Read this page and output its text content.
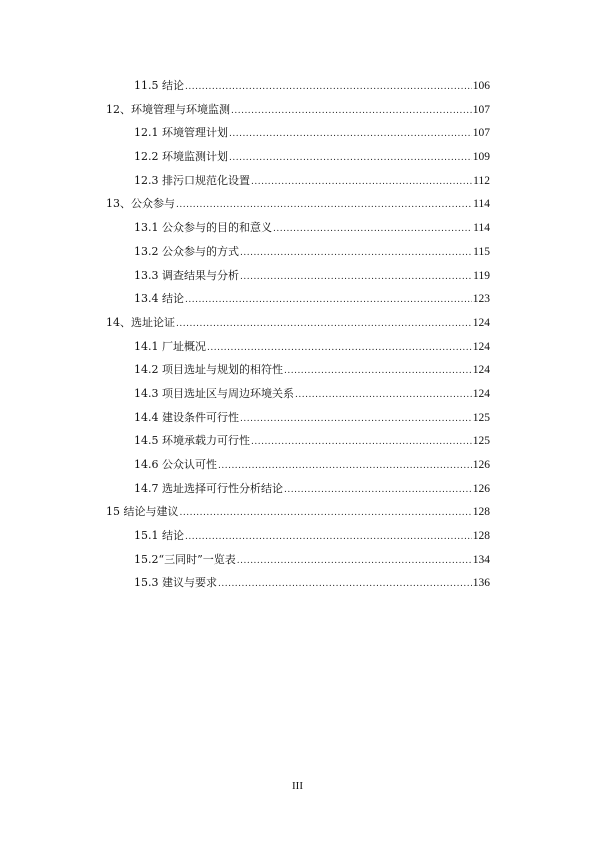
11.5 结论 .....	106
12、环境管理与环境监测 .....	107
12.1 环境管理计划 .....	107
12.2 环境监测计划 .....	109
12.3 排污口规范化设置 .....	112
13、公众参与 .....	114
13.1 公众参与的目的和意义 .....	114
13.2 公众参与的方式 .....	115
13.3 调查结果与分析 .....	119
13.4 结论 .....	123
14、选址论证 .....	124
14.1 厂址概况 .....	124
14.2 项目选址与规划的相符性 .....	124
14.3 项目选址区与周边环境关系 .....	124
14.4 建设条件可行性 .....	125
14.5 环境承载力可行性 .....	125
14.6 公众认可性 .....	126
14.7 选址选择可行性分析结论 .....	126
15 结论与建议 .....	128
15.1 结论 .....	128
15.2“三同时”一览表 .....	134
15.3 建议与要求 .....	136
III
